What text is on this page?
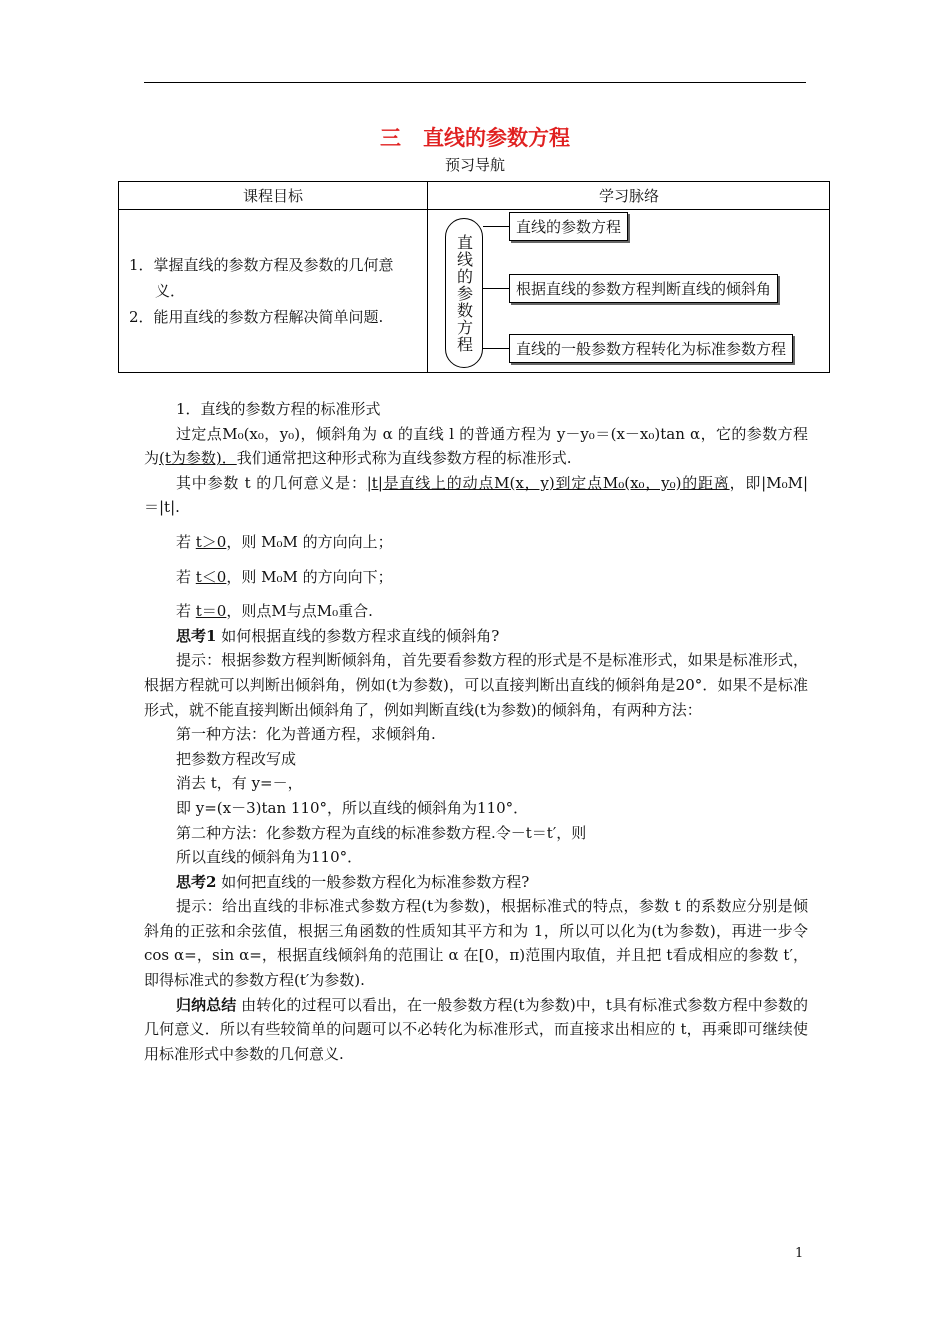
三   直线的参数方程
预习导航
课程目标	学习脉络
1．掌握直线的参数方程及参数的几何意
义．
2．能用直线的参数方程解决简单问题.	直线的参数方程
直线的参数方程
根据直线的参数方程判断直线的倾斜角
直线的一般参数方程转化为标准参数方程

1．直线的参数方程的标准形式

过定点M₀(x₀，y₀)，倾斜角为 α 的直线 l 的普通方程为 y－y₀＝(x－x₀)tan α，它的参数方程为(t为参数)．我们通常把这种形式称为直线参数方程的标准形式.

其中参数 t 的几何意义是：|t|是直线上的动点M(x，y)到定点M₀(x₀，y₀)的距离，即|M₀M|＝|t|.

若 t＞0，则 M₀M 的方向向上；

若 t＜0，则 M₀M 的方向向下；

若 t＝0，则点M与点M₀重合.

思考1 如何根据直线的参数方程求直线的倾斜角?

提示：根据参数方程判断倾斜角，首先要看参数方程的形式是不是标准形式，如果是标准形式，根据方程就可以判断出倾斜角，例如(t为参数)，可以直接判断出直线的倾斜角是20°．如果不是标准形式，就不能直接判断出倾斜角了，例如判断直线(t为参数)的倾斜角，有两种方法：

第一种方法：化为普通方程，求倾斜角.

把参数方程改写成

消去 t，有 y=－，

即 y=(x－3)tan 110°，所以直线的倾斜角为110°．

第二种方法：化参数方程为直线的标准参数方程.令－t＝t′，则

所以直线的倾斜角为110°．

思考2 如何把直线的一般参数方程化为标准参数方程?

提示：给出直线的非标准式参数方程(t为参数)，根据标准式的特点，参数 t 的系数应分别是倾斜角的正弦和余弦值，根据三角函数的性质知其平方和为 1，所以可以化为(t为参数)，再进一步令 cos α=，sin α=，根据直线倾斜角的范围让 α 在[0，π)范围内取值，并且把 t看成相应的参数 t′，即得标准式的参数方程(t′为参数).

归纳总结 由转化的过程可以看出，在一般参数方程(t为参数)中，t具有标准式参数方程中参数的几何意义．所以有些较简单的问题可以不必转化为标准形式，而直接求出相应的 t，再乘即可继续使用标准形式中参数的几何意义.

1
